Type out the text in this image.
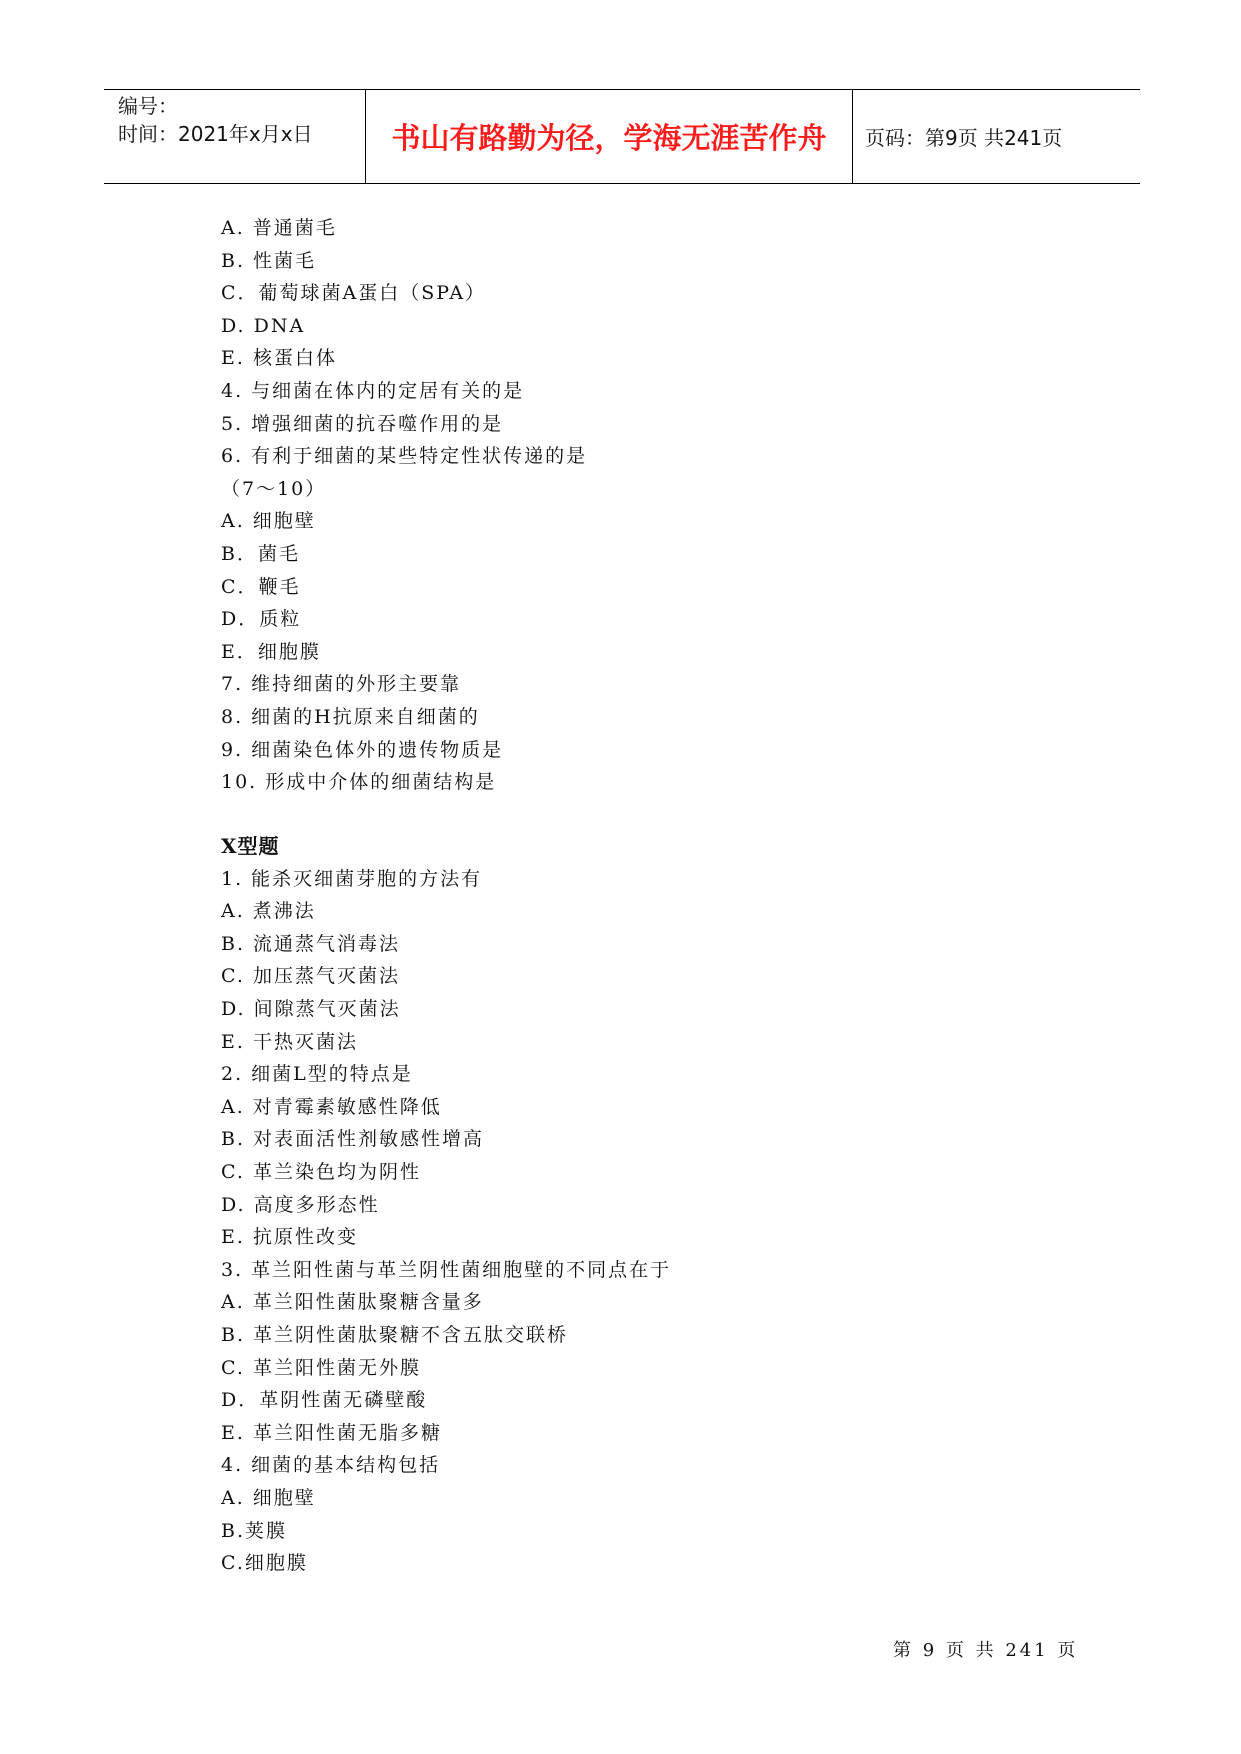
编号：
时间：2021年x月x日	书山有路勤为径，学海无涯苦作舟	页码：第9页 共241页
A. 普通菌毛
B. 性菌毛
C．葡萄球菌A蛋白（SPA）
D. DNA
E. 核蛋白体
4. 与细菌在体内的定居有关的是
5. 增强细菌的抗吞噬作用的是
6. 有利于细菌的某些特定性状传递的是
（7～10）
A. 细胞壁
B．菌毛
C．鞭毛
D．质粒
E．细胞膜
7. 维持细菌的外形主要靠
8. 细菌的H抗原来自细菌的
9. 细菌染色体外的遗传物质是
10. 形成中介体的细菌结构是
X型题
1. 能杀灭细菌芽胞的方法有
A. 煮沸法
B. 流通蒸气消毒法
C. 加压蒸气灭菌法
D. 间隙蒸气灭菌法
E. 干热灭菌法
2. 细菌L型的特点是
A. 对青霉素敏感性降低
B. 对表面活性剂敏感性增高
C. 革兰染色均为阴性
D. 高度多形态性
E. 抗原性改变
3. 革兰阳性菌与革兰阴性菌细胞壁的不同点在于
A. 革兰阳性菌肽聚糖含量多
B. 革兰阴性菌肽聚糖不含五肽交联桥
C. 革兰阳性菌无外膜
D．革阴性菌无磷壁酸
E. 革兰阳性菌无脂多糖
4. 细菌的基本结构包括
A. 细胞壁
B.荚膜
C.细胞膜
第 9 页 共 241 页
